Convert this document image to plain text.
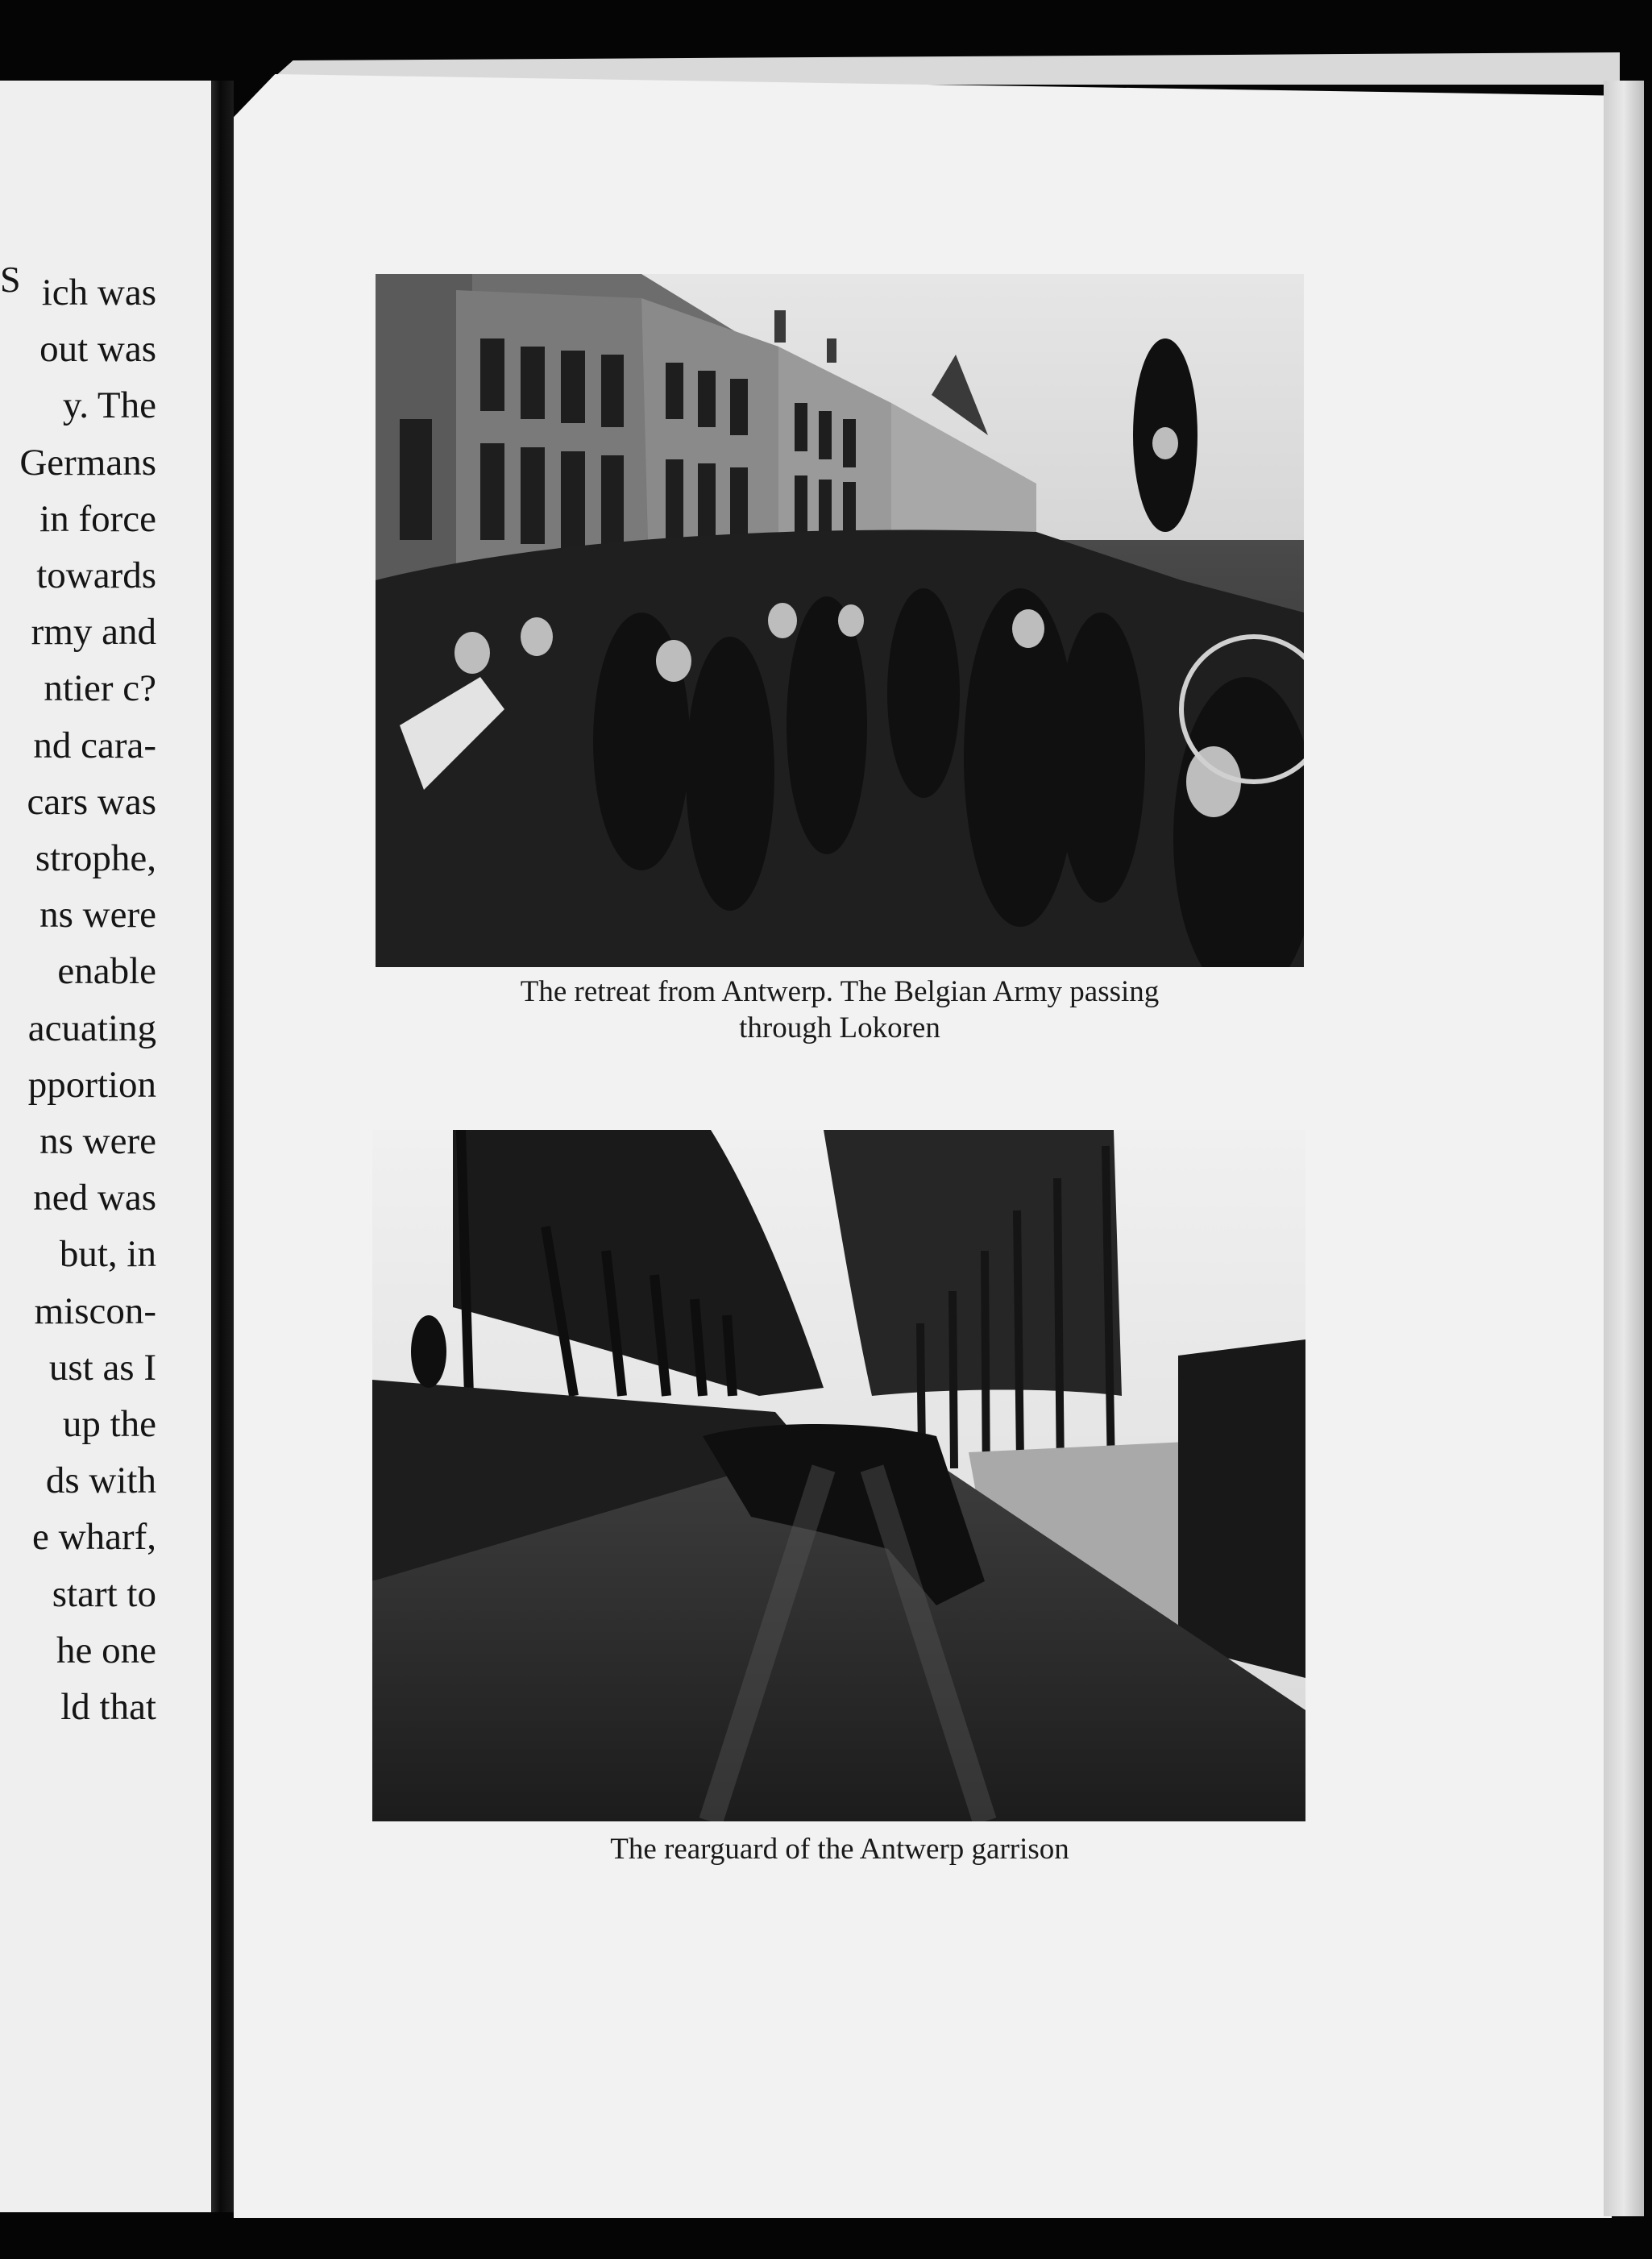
S ich was
out was
y. The
Germans
in force
towards
rmy and
ntier c?
nd cara-
cars was
strophe,
ns were
enable
acuating
pportion
ns were
ned was
but, in
miscon-
ust as I
up the
ds with
e wharf,
start to
he one
ld that
The retreat from Antwerp. The Belgian Army passing
through Lokoren
The rearguard of the Antwerp garrison
